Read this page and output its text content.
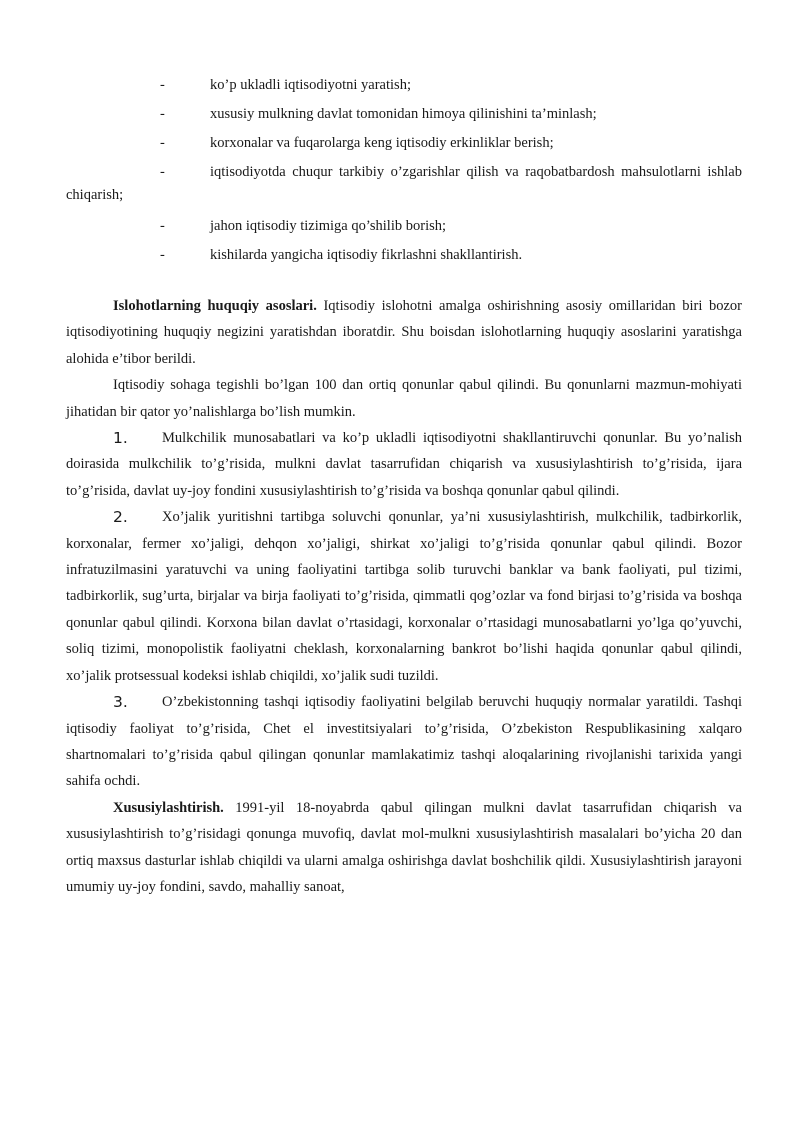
-	ko’p ukladli iqtisodiyotni yaratish;
-	xususiy mulkning davlat tomonidan himoya qilinishini ta’minlash;
-	korxonalar va fuqarolarga keng iqtisodiy erkinliklar berish;
-	iqtisodiyotda chuqur tarkibiy o’zgarishlar qilish va raqobatbardosh mahsulotlarni ishlab chiqarish;
-	jahon iqtisodiy tizimiga qo’shilib borish;
-	kishilarda yangicha iqtisodiy fikrlashni shakllantirish.

Islohotlarning huquqiy asoslari. Iqtisodiy islohotni amalga oshirishning asosiy omillaridan biri bozor iqtisodiyotining huquqiy negizini yaratishdan iboratdir. Shu boisdan islohotlarning huquqiy asoslarini yaratishga alohida e’tibor berildi.

Iqtisodiy sohaga tegishli bo’lgan 100 dan ortiq qonunlar qabul qilindi. Bu qonunlarni mazmun-mohiyati jihatidan bir qator yo’nalishlarga bo’lish mumkin.

1. Mulkchilik munosabatlari va ko’p ukladli iqtisodiyotni shakllantiruvchi qonunlar. Bu yo’nalish doirasida mulkchilik to’g’risida, mulkni davlat tasarrufidan chiqarish va xususiylashtirish to’g’risida, ijara to’g’risida, davlat uy-joy fondini xususiylashtirish to’g’risida va boshqa qonunlar qabul qilindi.

2. Xo’jalik yuritishni tartibga soluvchi qonunlar, ya’ni xususiylashtirish, mulkchilik, tadbirkorlik, korxonalar, fermer xo’jaligi, dehqon xo’jaligi, shirkat xo’jaligi to’g’risida qonunlar qabul qilindi. Bozor infratuzilmasini yaratuvchi va uning faoliyatini tartibga solib turuvchi banklar va bank faoliyati, pul tizimi, tadbirkorlik, sug’urta, birjalar va birja faoliyati to’g’risida, qimmatli qog’ozlar va fond birjasi to’g’risida va boshqa qonunlar qabul qilindi. Korxona bilan davlat o’rtasidagi, korxonalar o’rtasidagi munosabatlarni yo’lga qo’yuvchi, soliq tizimi, monopolistik faoliyatni cheklash, korxonalarning bankrot bo’lishi haqida qonunlar qabul qilindi, xo’jalik protsessual kodeksi ishlab chiqildi, xo’jalik sudi tuzildi.

3. O’zbekistonning tashqi iqtisodiy faoliyatini belgilab beruvchi huquqiy normalar yaratildi. Tashqi iqtisodiy faoliyat to’g’risida, Chet el investitsiyalari to’g’risida, O’zbekiston Respublikasining xalqaro shartnomalari to’g’risida qabul qilingan qonunlar mamlakatimiz tashqi aloqalarining rivojlanishi tarixida yangi sahifa ochdi.

Xususiylashtirish. 1991-yil 18-noyabrda qabul qilingan mulkni davlat tasarrufidan chiqarish va xususiylashtirish to’g’risidagi qonunga muvofiq, davlat mol-mulkni xususiylashtirish masalalari bo’yicha 20 dan ortiq maxsus dasturlar ishlab chiqildi va ularni amalga oshirishga davlat boshchilik qildi. Xususiylashtirish jarayoni umumiy uy-joy fondini, savdo, mahalliy sanoat,
